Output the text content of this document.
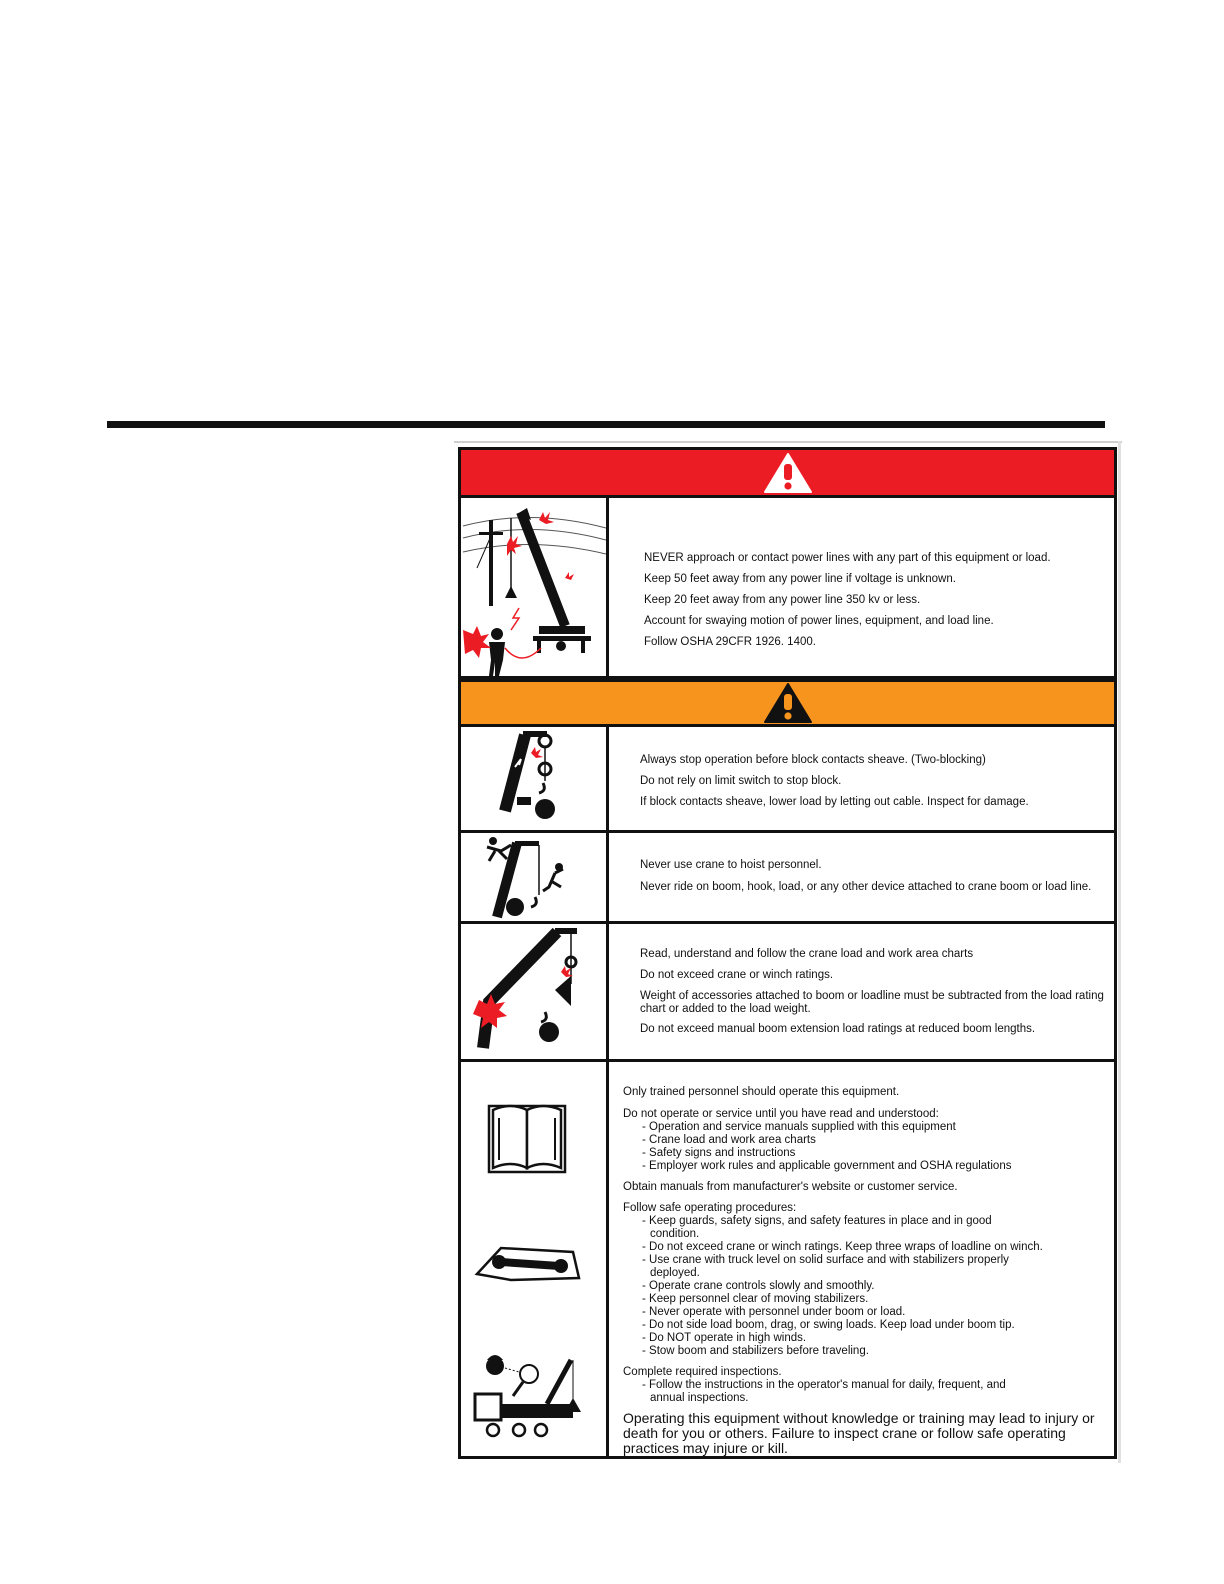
NEVER approach or contact power lines with any part of this equipment or load.
Keep 50 feet away from any power line if voltage is unknown.
Keep 20 feet away from any power line 350 kv or less.
Account for swaying motion of power lines, equipment, and load line.
Follow OSHA 29CFR 1926. 1400.
Always stop operation before block contacts sheave. (Two-blocking)
Do not rely on limit switch to stop block.
If block contacts sheave, lower load by letting out cable. Inspect for damage.
Never use crane to hoist personnel.
Never ride on boom, hook, load, or any other device attached to crane boom or load line.
Read, understand and follow the crane load and work area charts
Do not exceed crane or winch ratings.
Weight of accessories attached to boom or loadline must be subtracted from the load rating chart or added to the load weight.
Do not exceed manual boom extension load ratings at reduced boom lengths.
Only trained personnel should operate this equipment.
Do not operate or service until you have read and understood:
- Operation and service manuals supplied with this equipment
- Crane load and work area charts
- Safety signs and instructions
- Employer work rules and applicable government and OSHA regulations
Obtain manuals from manufacturer's website or customer service.
Follow safe operating procedures:
- Keep guards, safety signs, and safety features in place and in good
condition.
- Do not exceed crane or winch ratings. Keep three wraps of loadline on winch.
- Use crane with truck level on solid surface and with stabilizers properly
deployed.
- Operate crane controls slowly and smoothly.
- Keep personnel clear of moving stabilizers.
- Never operate with personnel under boom or load.
- Do not side load boom, drag, or swing loads. Keep load under boom tip.
- Do NOT operate in high winds.
- Stow boom and stabilizers before traveling.
Complete required inspections.
- Follow the instructions in the operator's manual for daily, frequent, and
annual inspections.
Operating this equipment without knowledge or training may lead to injury or death for you or others. Failure to inspect crane or follow safe operating practices may injure or kill.
